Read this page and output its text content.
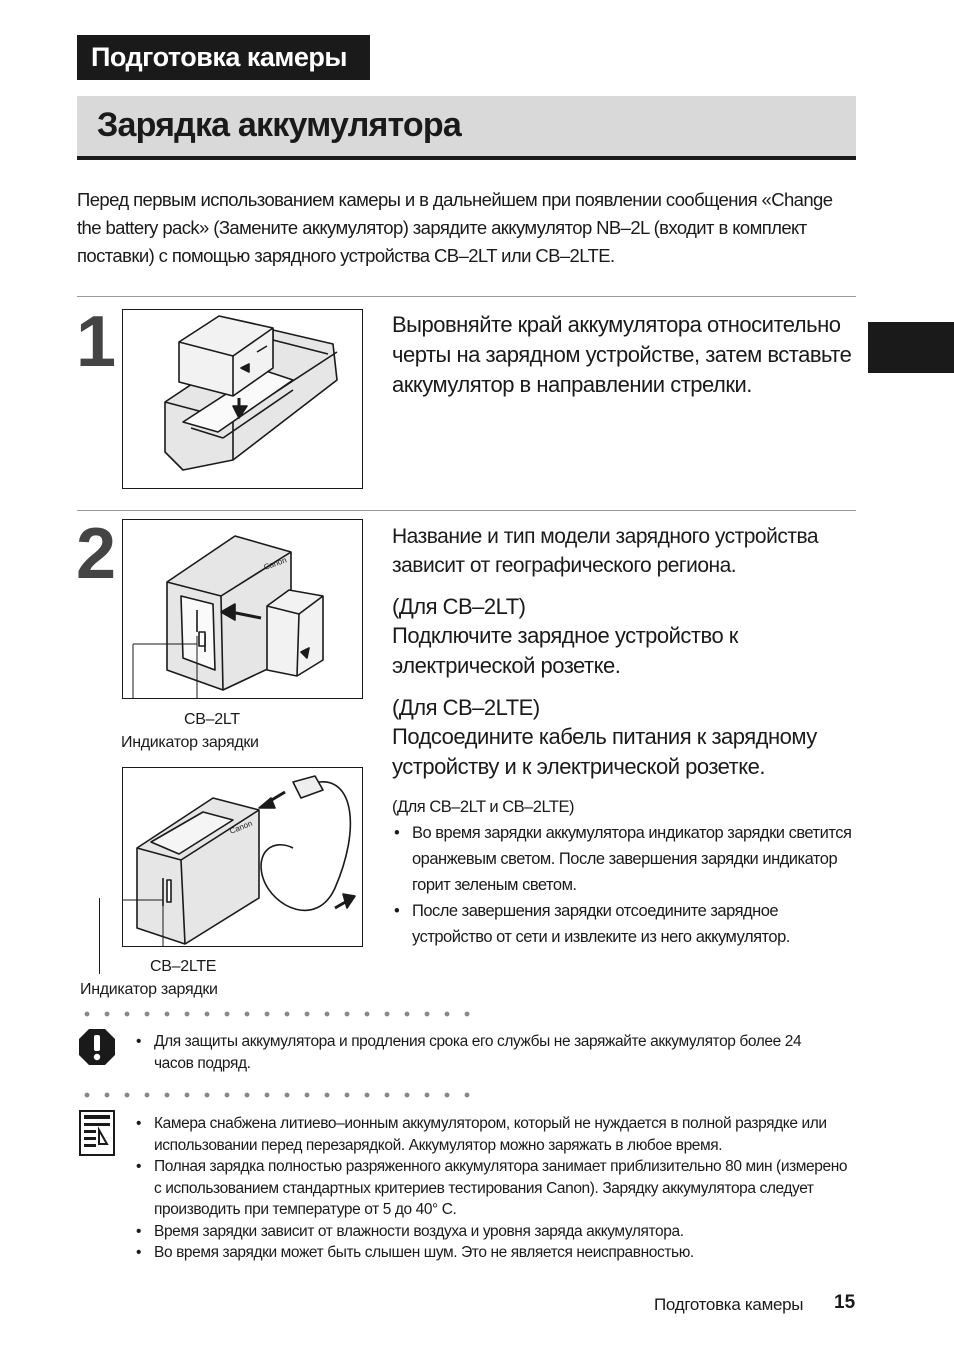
Подготовка камеры
Зарядка аккумулятора
Перед первым использованием камеры и в дальнейшем при появлении сообщения «Change the battery pack» (Замените аккумулятор) зарядите аккумулятор NB–2L (входит в комплект поставки) с помощью зарядного устройства CB–2LT или CB–2LTE.
1	Выровняйте край аккумулятора относительно черты на зарядном устройстве, затем вставьте аккумулятор в направлении стрелки.
2	Canon
CB–2LT
Индикатор зарядки
Canon
CB–2LTE
Индикатор зарядки
Название и тип модели зарядного устройства зависит от географического региона.
(Для CB–2LT)
Подключите зарядное устройство к электрической розетке.
(Для CB–2LTE)
Подсоедините кабель питания к зарядному устройству и к электрической розетке.
(Для CB–2LT и CB–2LTE)
• Во время зарядки аккумулятора индикатор зарядки светится оранжевым светом. После завершения зарядки индикатор горит зеленым светом.
• После завершения зарядки отсоедините зарядное устройство от сети и извлеките из него аккумулятор.
• Для защиты аккумулятора и продления срока его службы не заряжайте аккумулятор более 24 часов подряд.
• Камера снабжена литиево–ионным аккумулятором, который не нуждается в полной разрядке или использовании перед перезарядкой. Аккумулятор можно заряжать в любое время.
• Полная зарядка полностью разряженного аккумулятора занимает приблизительно 80 мин (измерено с использованием стандартных критериев тестирования Canon). Зарядку аккумулятора следует производить при температуре от 5 до 40° C.
• Время зарядки зависит от влажности воздуха и уровня заряда аккумулятора.
• Во время зарядки может быть слышен шум. Это не является неисправностью.
Подготовка камеры 15
